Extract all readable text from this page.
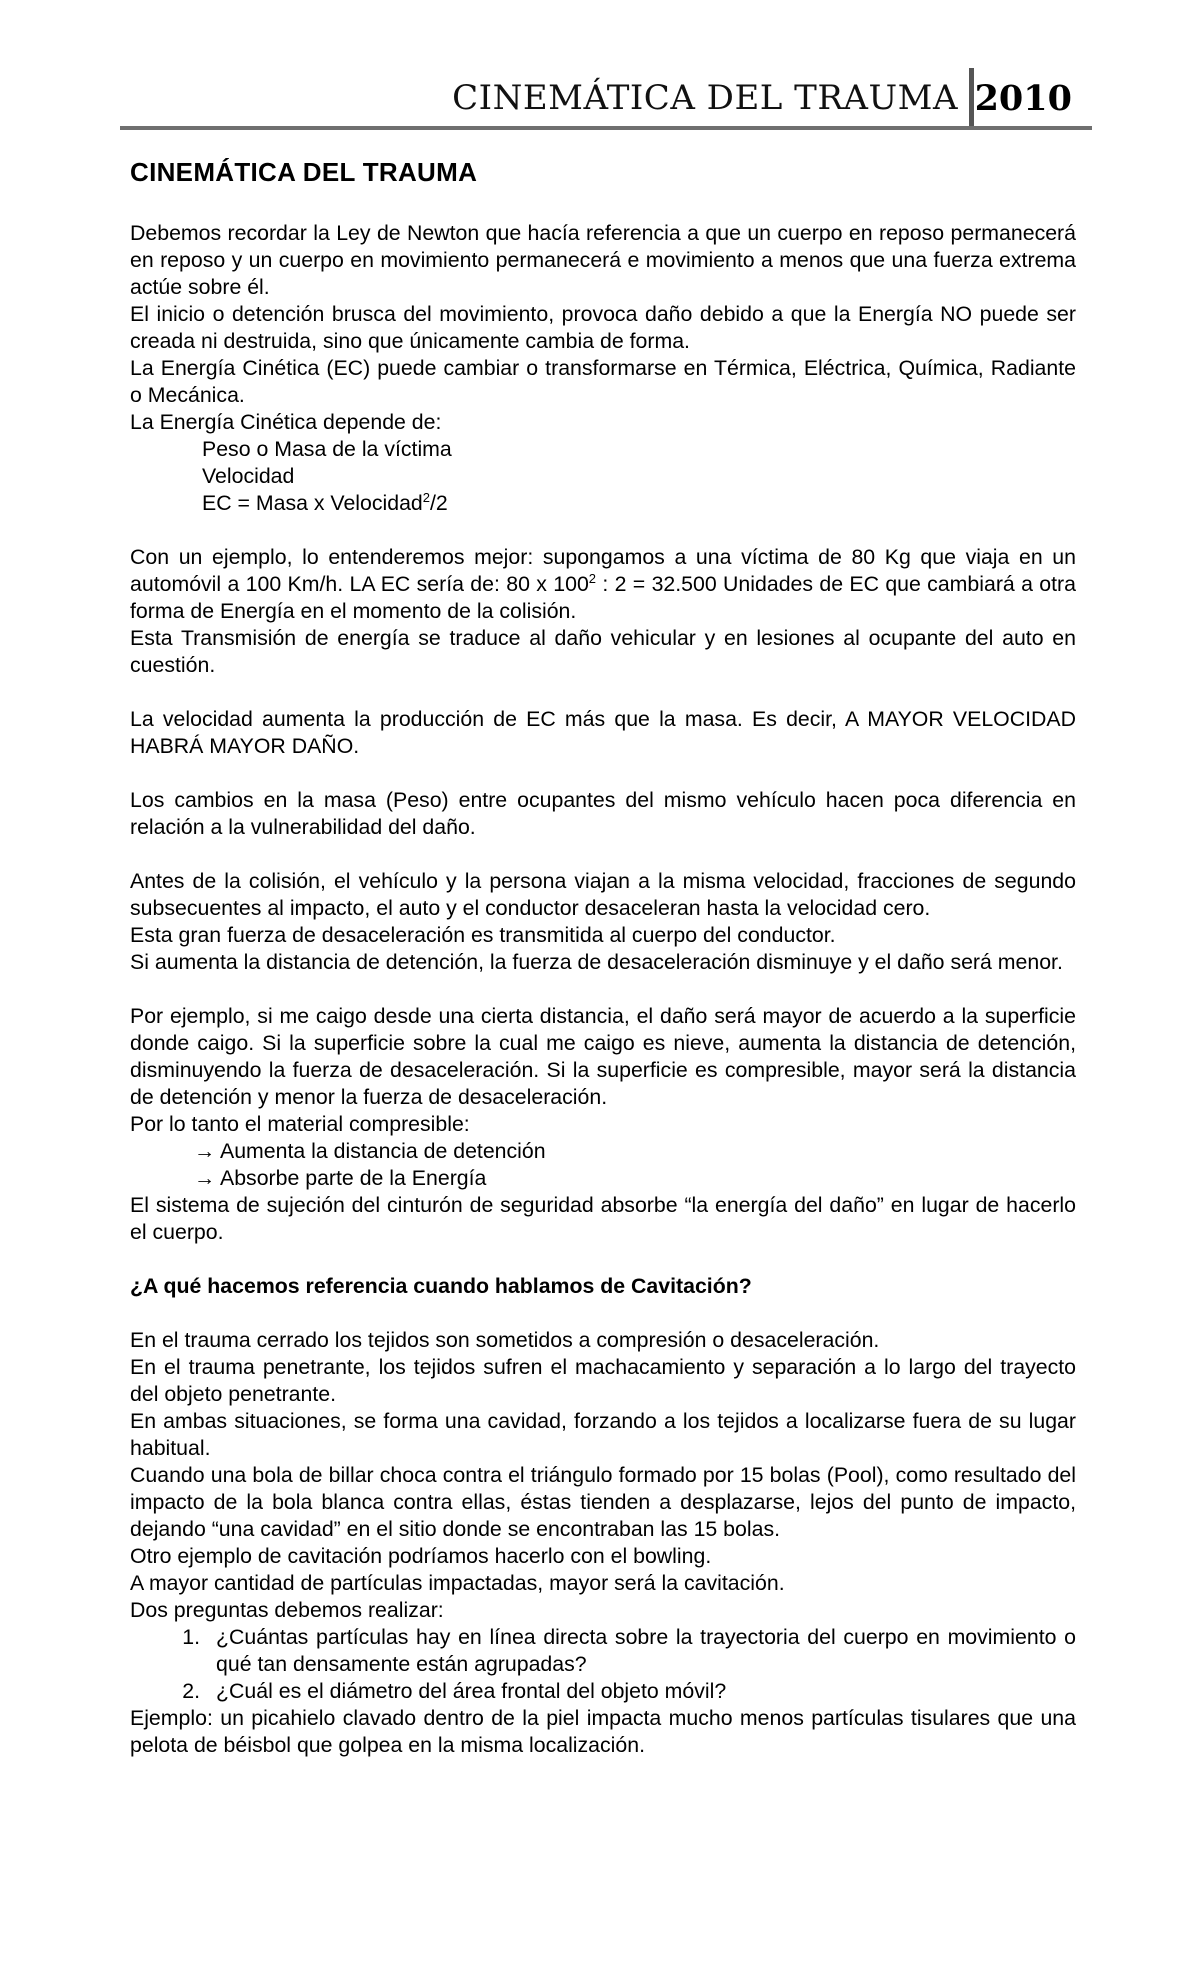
CINEMÁTICA DEL TRAUMA 2010
CINEMÁTICA DEL TRAUMA

Debemos recordar la Ley de Newton que hacía referencia a que un cuerpo en reposo permanecerá en reposo y un cuerpo en movimiento permanecerá e movimiento a menos que una fuerza extrema actúe sobre él.

El inicio o detención brusca del movimiento, provoca daño debido a que la Energía NO puede ser creada ni destruida, sino que únicamente cambia de forma.

La Energía Cinética (EC) puede cambiar o transformarse en Térmica, Eléctrica, Química, Radiante o Mecánica.

La Energía Cinética depende de:

Peso o Masa de la víctima

Velocidad

EC = Masa x Velocidad$^2$/2

Con un ejemplo, lo entenderemos mejor: supongamos a una víctima de 80 Kg que viaja en un automóvil a 100 Km/h. LA EC sería de: 80 x $100^2$ : 2 = 32.500 Unidades de EC que cambiará a otra forma de Energía en el momento de la colisión.

Esta Transmisión de energía se traduce al daño vehicular y en lesiones al ocupante del auto en cuestión.

La velocidad aumenta la producción de EC más que la masa. Es decir, A MAYOR VELOCIDAD HABRÁ MAYOR DAÑO.

Los cambios en la masa (Peso) entre ocupantes del mismo vehículo hacen poca diferencia en relación a la vulnerabilidad del daño.

Antes de la colisión, el vehículo y la persona viajan a la misma velocidad, fracciones de segundo subsecuentes al impacto, el auto y el conductor desaceleran hasta la velocidad cero.

Esta gran fuerza de desaceleración es transmitida al cuerpo del conductor.

Si aumenta la distancia de detención, la fuerza de desaceleración disminuye y el daño será menor.

Por ejemplo, si me caigo desde una cierta distancia, el daño será mayor de acuerdo a la superficie donde caigo. Si la superficie sobre la cual me caigo es nieve, aumenta la distancia de detención, disminuyendo la fuerza de desaceleración. Si la superficie es compresible, mayor será la distancia de detención y menor la fuerza de desaceleración.

Por lo tanto el material compresible:

→ Aumenta la distancia de detención

→ Absorbe parte de la Energía

El sistema de sujeción del cinturón de seguridad absorbe “la energía del daño” en lugar de hacerlo el cuerpo.

¿A qué hacemos referencia cuando hablamos de Cavitación?

En el trauma cerrado los tejidos son sometidos a compresión o desaceleración.

En el trauma penetrante, los tejidos sufren el machacamiento y separación a lo largo del trayecto del objeto penetrante.

En ambas situaciones, se forma una cavidad, forzando a los tejidos a localizarse fuera de su lugar habitual.

Cuando una bola de billar choca contra el triángulo formado por 15 bolas (Pool), como resultado del impacto de la bola blanca contra ellas, éstas tienden a desplazarse, lejos del punto de impacto, dejando “una cavidad” en el sitio donde se encontraban las 15 bolas.

Otro ejemplo de cavitación podríamos hacerlo con el bowling.

A mayor cantidad de partículas impactadas, mayor será la cavitación.

Dos preguntas debemos realizar:

1. ¿Cuántas partículas hay en línea directa sobre la trayectoria del cuerpo en movimiento o qué tan densamente están agrupadas?
2. ¿Cuál es el diámetro del área frontal del objeto móvil?

Ejemplo: un picahielo clavado dentro de la piel impacta mucho menos partículas tisulares que una pelota de béisbol que golpea en la misma localización.
